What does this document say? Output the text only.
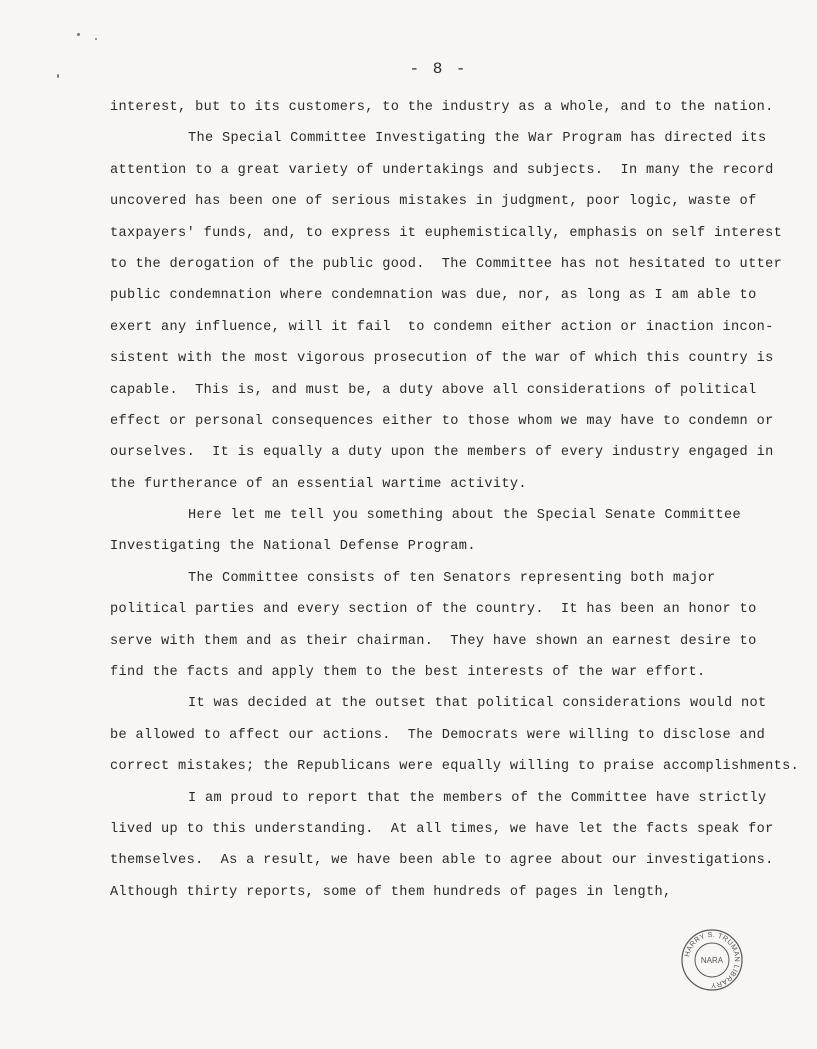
- 8 -
interest, but to its customers, to the industry as a whole, and to the nation.
The Special Committee Investigating the War Program has directed its
attention to a great variety of undertakings and subjects.  In many the record
uncovered has been one of serious mistakes in judgment, poor logic, waste of
taxpayers' funds, and, to express it euphemistically, emphasis on self interest
to the derogation of the public good.  The Committee has not hesitated to utter
public condemnation where condemnation was due, nor, as long as I am able to
exert any influence, will it fail  to condemn either action or inaction incon-
sistent with the most vigorous prosecution of the war of which this country is
capable.  This is, and must be, a duty above all considerations of political
effect or personal consequences either to those whom we may have to condemn or
ourselves.  It is equally a duty upon the members of every industry engaged in
the furtherance of an essential wartime activity.
Here let me tell you something about the Special Senate Committee
Investigating the National Defense Program.
The Committee consists of ten Senators representing both major
political parties and every section of the country.  It has been an honor to
serve with them and as their chairman.  They have shown an earnest desire to
find the facts and apply them to the best interests of the war effort.
It was decided at the outset that political considerations would not
be allowed to affect our actions.  The Democrats were willing to disclose and
correct mistakes; the Republicans were equally willing to praise accomplishments.
I am proud to report that the members of the Committee have strictly
lived up to this understanding.  At all times, we have let the facts speak for
themselves.  As a result, we have been able to agree about our investigations.
Although thirty reports, some of them hundreds of pages in length,
HARRY S. TRUMAN LIBRARY
NARA
